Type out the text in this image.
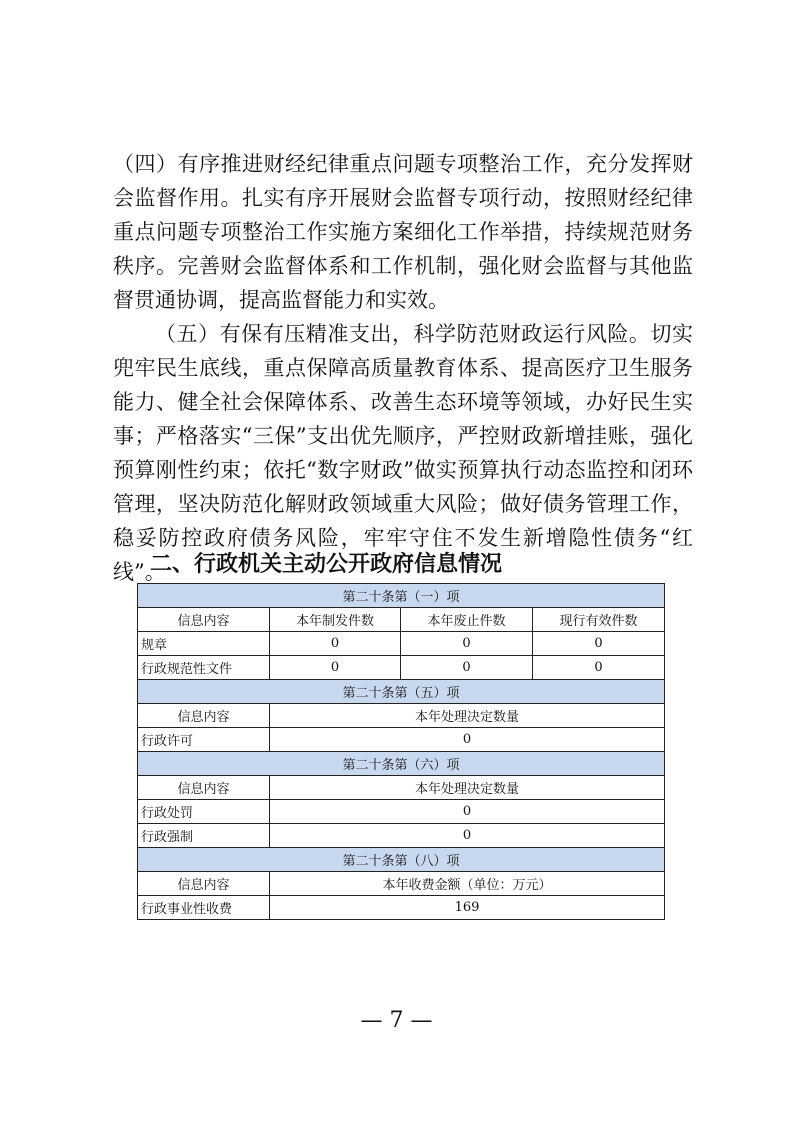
（四）有序推进财经纪律重点问题专项整治工作，充分发挥财会监督作用。扎实有序开展财会监督专项行动，按照财经纪律重点问题专项整治工作实施方案细化工作举措，持续规范财务秩序。完善财会监督体系和工作机制，强化财会监督与其他监督贯通协调，提高监督能力和实效。

（五）有保有压精准支出，科学防范财政运行风险。切实兜牢民生底线，重点保障高质量教育体系、提高医疗卫生服务能力、健全社会保障体系、改善生态环境等领域，办好民生实事；严格落实“三保”支出优先顺序，严控财政新增挂账，强化预算刚性约束；依托“数字财政”做实预算执行动态监控和闭环管理，坚决防范化解财政领域重大风险；做好债务管理工作，稳妥防控政府债务风险，牢牢守住不发生新增隐性债务“红线”。

二、行政机关主动公开政府信息情况
第二十条第（一）项			
信息内容	本年制发件数	本年废止件数	现行有效件数
规章	0	0	0
行政规范性文件	0	0	0
第二十条第（五）项			
信息内容	本年处理决定数量		
行政许可	0		
第二十条第（六）项			
信息内容	本年处理决定数量		
行政处罚	0		
行政强制	0		
第二十条第（八）项			
信息内容	本年收费金额（单位：万元）		
行政事业性收费	169		
— 7 —
